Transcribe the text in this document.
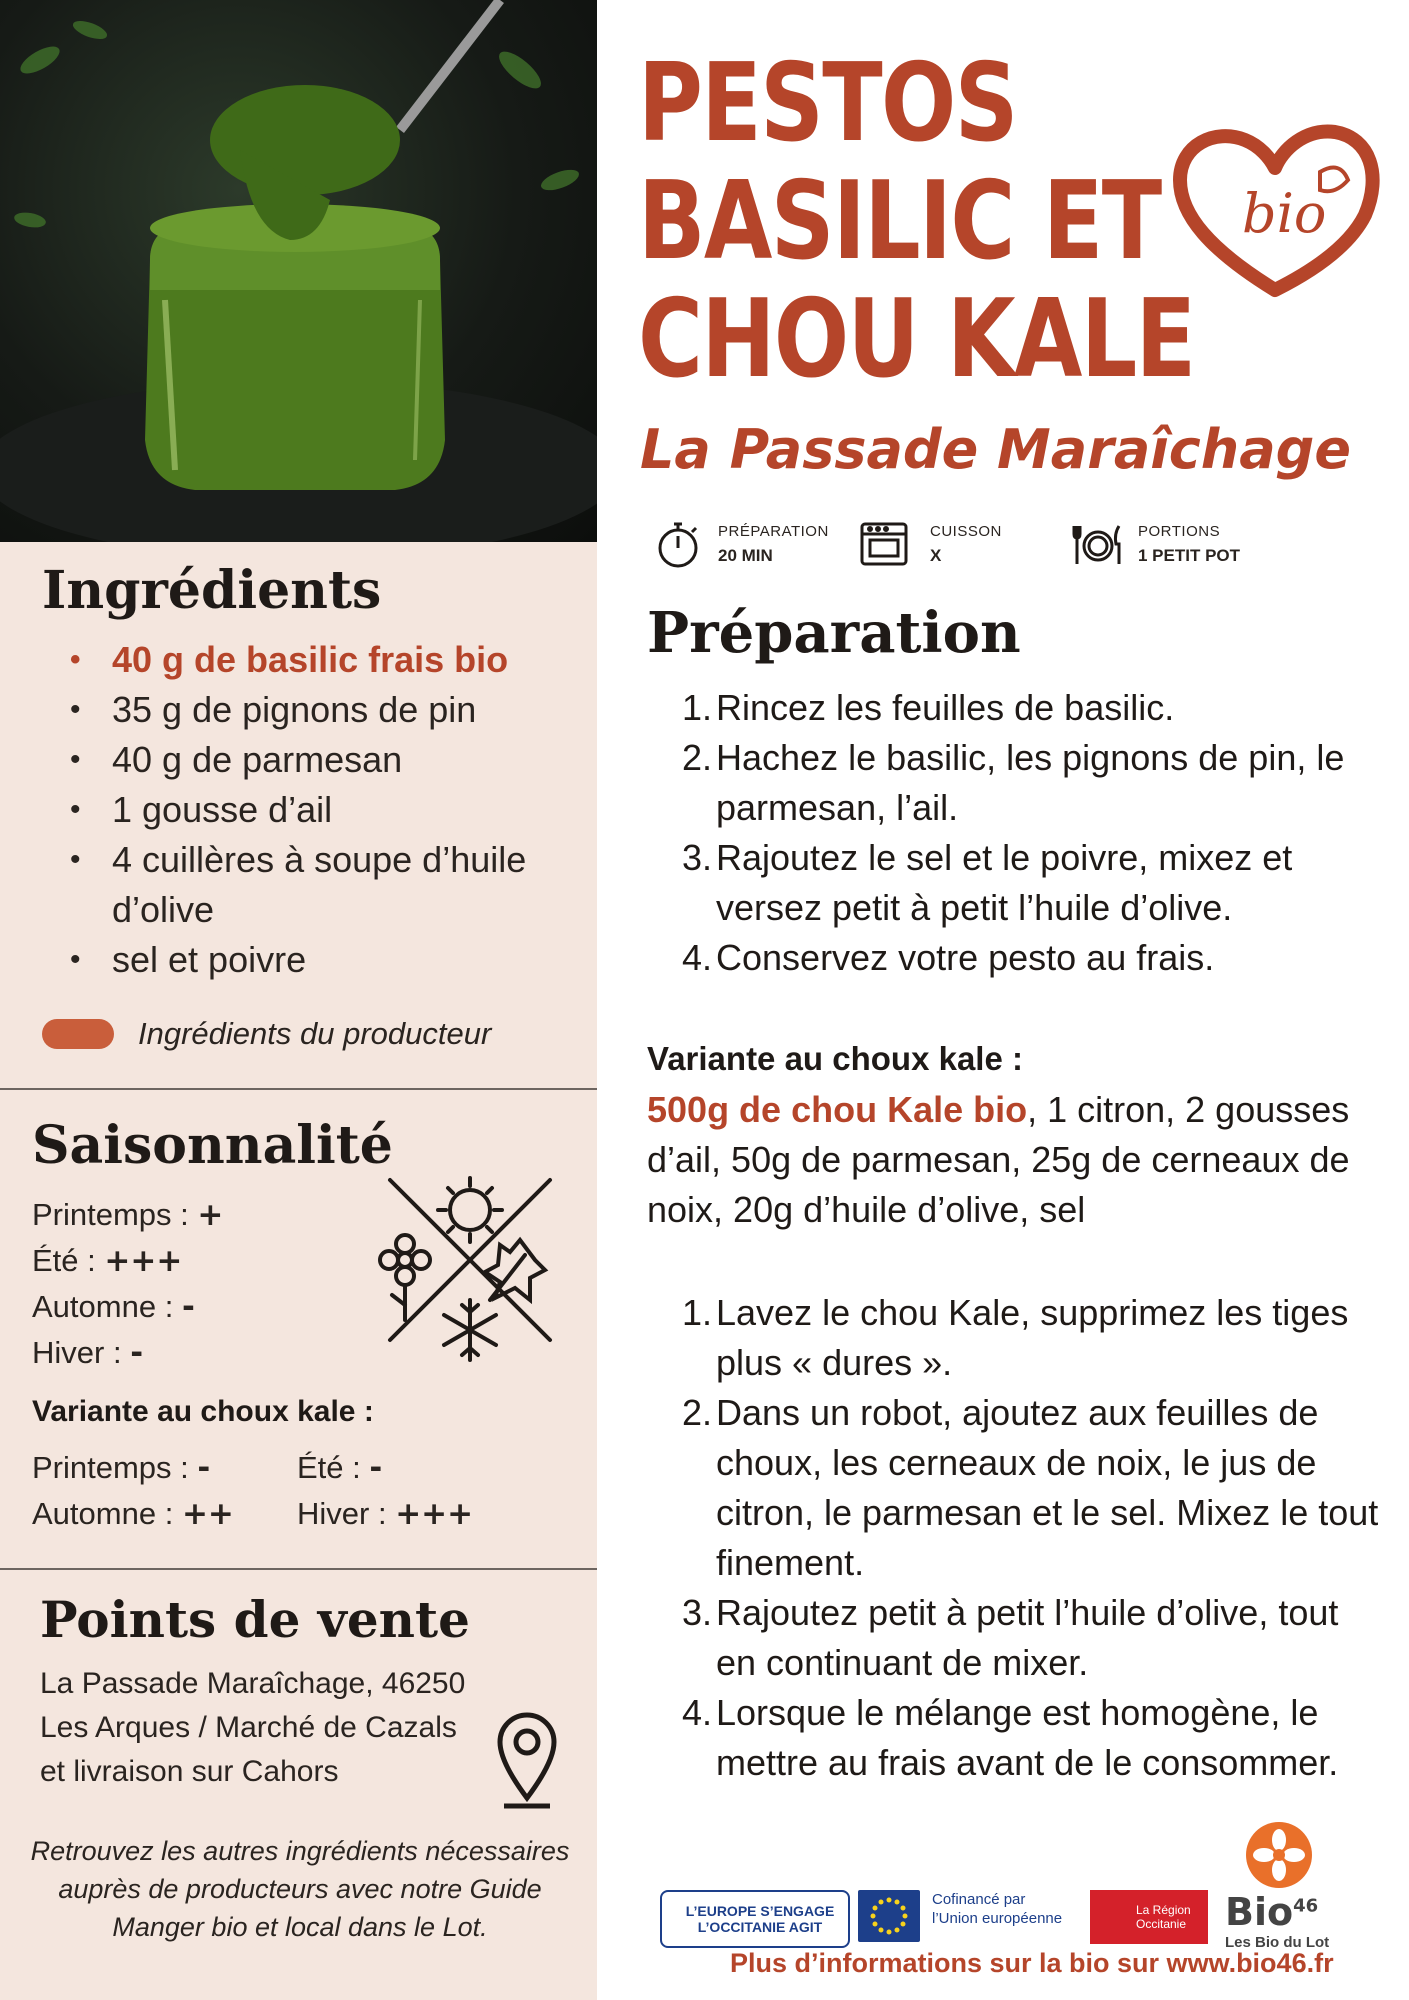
Ingrédients
• 40 g de basilic frais bio
• 35 g de pignons de pin
• 40 g de parmesan
• 1 gousse d’ail
• 4 cuillères à soupe d’huile d’olive
• sel et poivre
Ingrédients du producteur
Saisonnalité
Printemps : +
Été : +++
Automne : -
Hiver : -
Variante au choux kale :
Printemps : -	Été : -
Automne : ++	Hiver : +++
Points de vente
La Passade Maraîchage, 46250 Les Arques / Marché de Cazals et livraison sur Cahors
Retrouvez les autres ingrédients nécessaires auprès de producteurs avec notre Guide Manger bio et local dans le Lot.
PESTOS
BASILIC ET
CHOU KALE
bio
La Passade Maraîchage
PRÉPARATION
20 MIN
CUISSON
X
PORTIONS
1 PETIT POT
Préparation
1. Rincez les feuilles de basilic.
2. Hachez le basilic, les pignons de pin, le parmesan, l’ail.
3. Rajoutez le sel et le poivre, mixez et versez petit à petit l’huile d’olive.
4. Conservez votre pesto au frais.
Variante au choux kale :
500g de chou Kale bio, 1 citron, 2 gousses d’ail, 50g de parmesan, 25g de cerneaux de noix, 20g d’huile d’olive, sel
1. Lavez le chou Kale, supprimez les tiges plus « dures ».
2. Dans un robot, ajoutez aux feuilles de choux, les cerneaux de noix, le jus de citron, le parmesan et le sel. Mixez le tout finement.
3. Rajoutez petit à petit l’huile d’olive, tout en continuant de mixer.
4. Lorsque le mélange est homogène, le mettre au frais avant de le consommer.
L’EUROPE S’ENGAGE
L’OCCITANIE AGIT
Cofinancé par
l’Union européenne	La Région
Occitanie Bio$^{46}$
Les Bio du Lot
Plus d’informations sur la bio sur www.bio46.fr
